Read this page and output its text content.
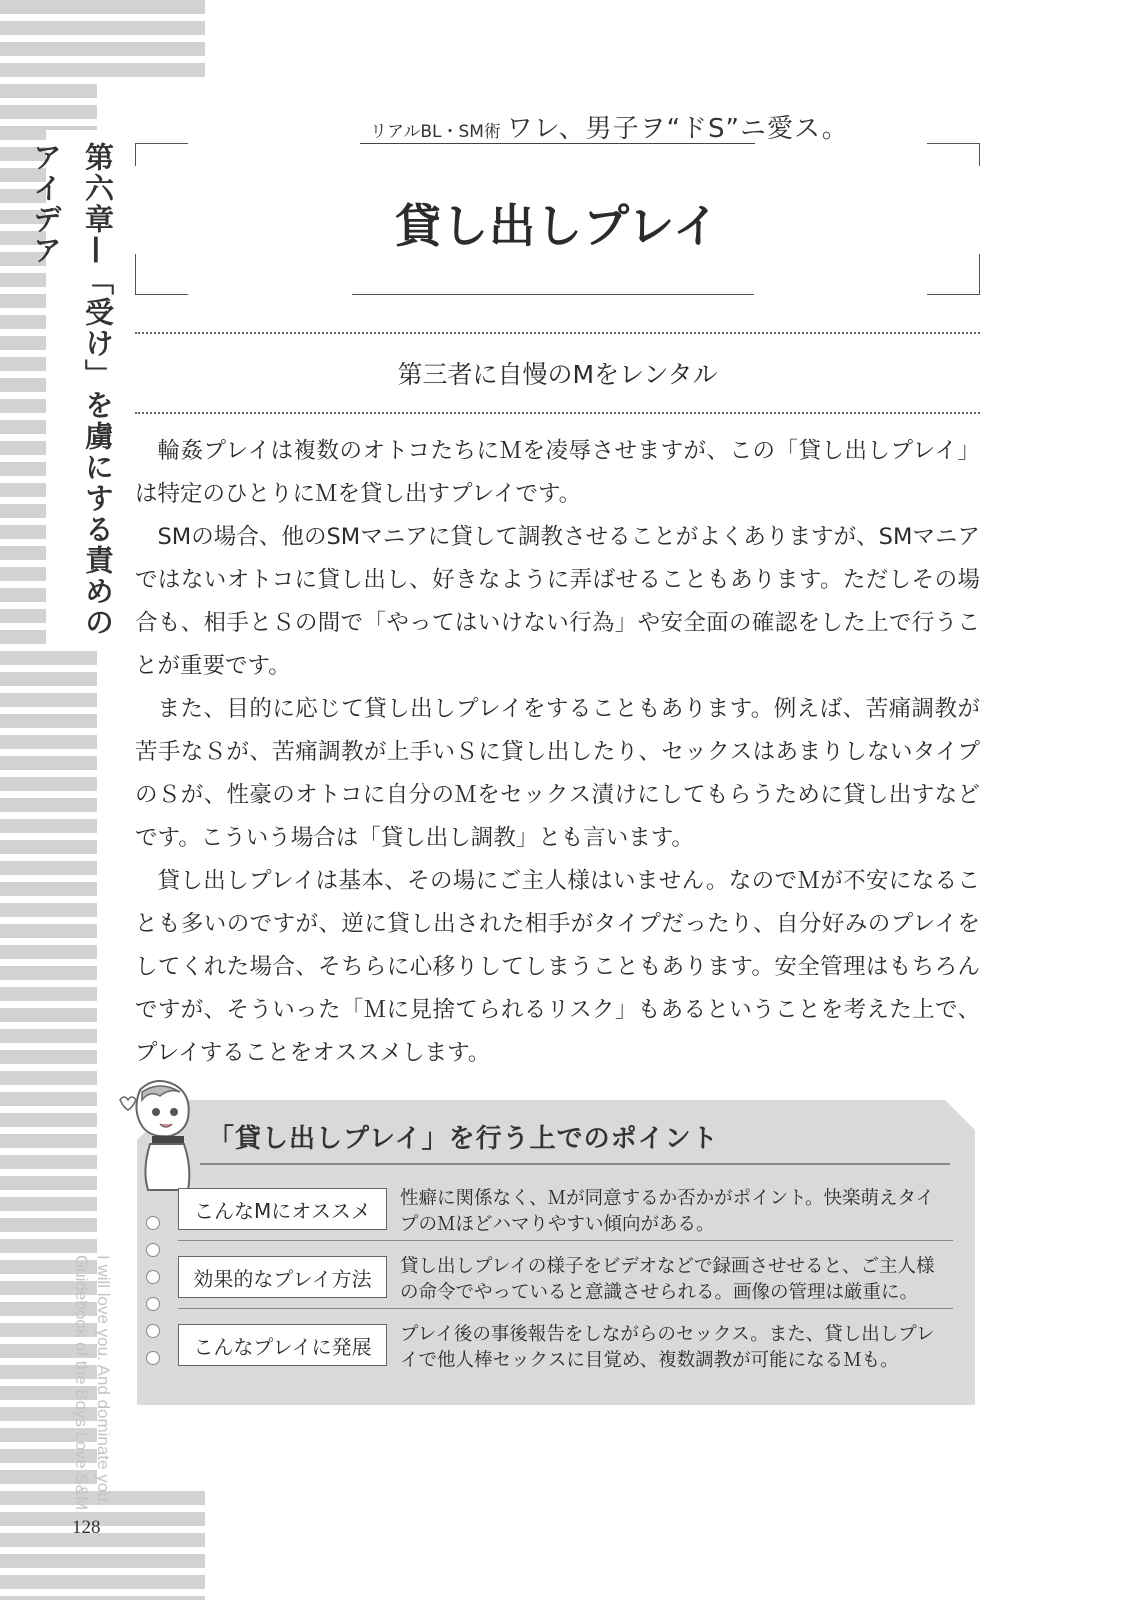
第六章—「受け」を虜にする責めのアイデア
I will love you. And dominate you.
Guidebook of the Boys Love S&M.
128
リアルBL・SM術 ワレ、男子ヲ“ドS”ニ愛ス。
貸し出しプレイ
第三者に自慢のMをレンタル

輪姦プレイは複数のオトコたちにＭを凌辱させますが、この「貸し出しプレイ」は特定のひとりにＭを貸し出すプレイです。

SMの場合、他のSMマニアに貸して調教させることがよくありますが、SMマニアではないオトコに貸し出し、好きなように弄ばせることもあります。ただしその場合も、相手とＳの間で「やってはいけない行為」や安全面の確認をした上で行うことが重要です。

また、目的に応じて貸し出しプレイをすることもあります。例えば、苦痛調教が苦手なＳが、苦痛調教が上手いＳに貸し出したり、セックスはあまりしないタイプのＳが、性豪のオトコに自分のＭをセックス漬けにしてもらうために貸し出すなどです。こういう場合は「貸し出し調教」とも言います。

貸し出しプレイは基本、その場にご主人様はいません。なのでＭが不安になることも多いのですが、逆に貸し出された相手がタイプだったり、自分好みのプレイをしてくれた場合、そちらに心移りしてしまうこともあります。安全管理はもちろんですが、そういった「Ｍに見捨てられるリスク」もあるということを考えた上で、プレイすることをオススメします。

「貸し出しプレイ」を行う上でのポイント
こんなMにオススメ	性癖に関係なく、Ｍが同意するか否かがポイント。快楽萌えタイプのＭほどハマりやすい傾向がある。
効果的なプレイ方法	貸し出しプレイの様子をビデオなどで録画させせると、ご主人様の命令でやっていると意識させられる。画像の管理は厳重に。
こんなプレイに発展	プレイ後の事後報告をしながらのセックス。また、貸し出しプレイで他人棒セックスに目覚め、複数調教が可能になるＭも。
